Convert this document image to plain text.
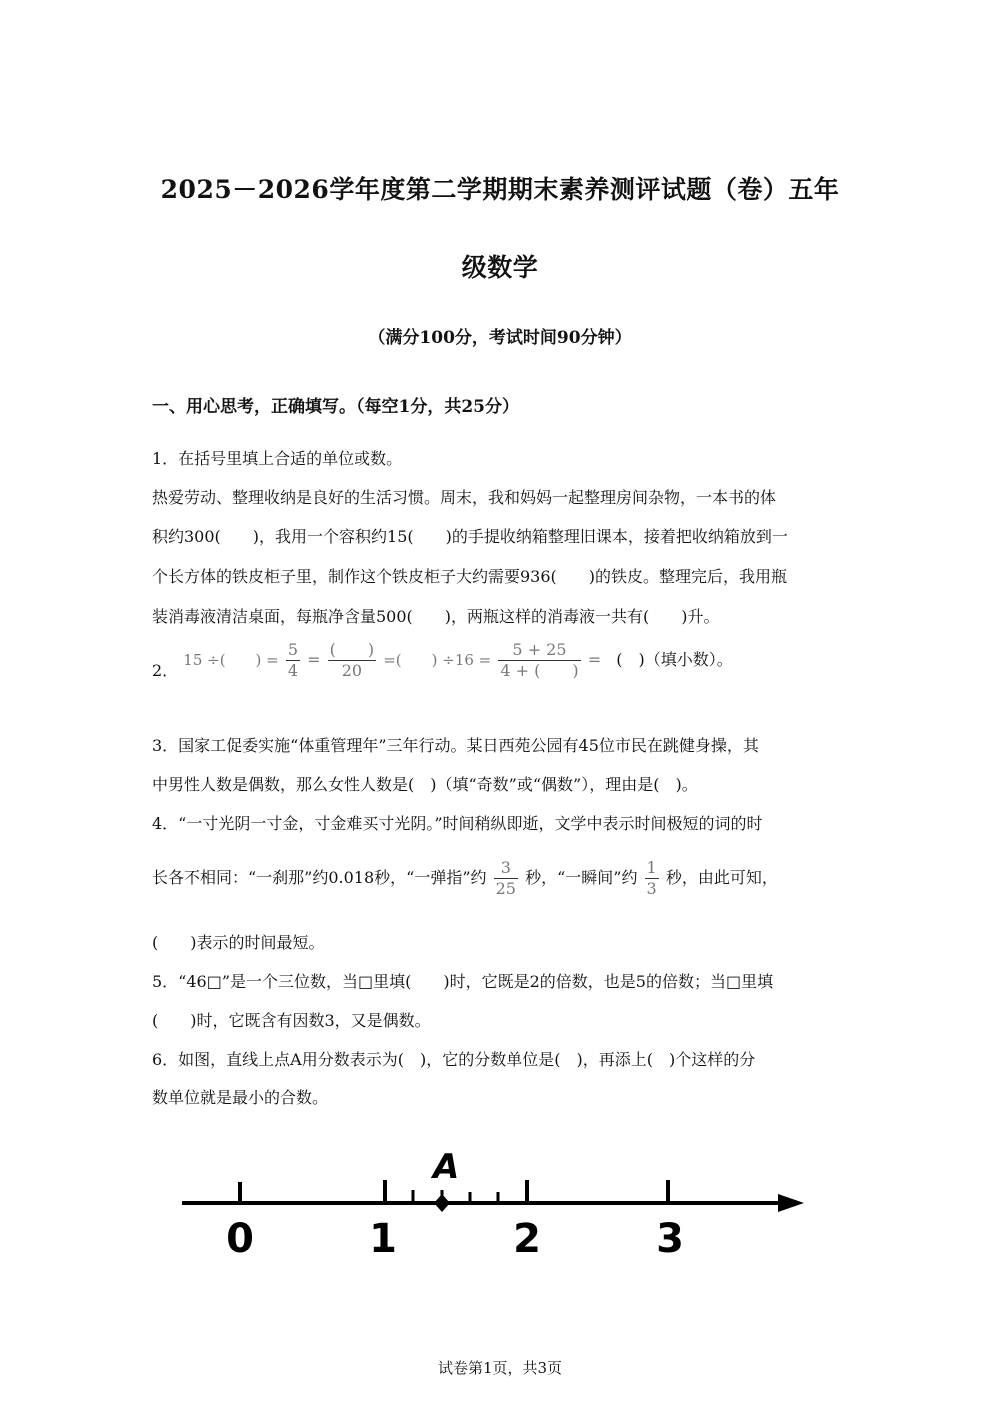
2025－2026学年度第二学期期末素养测评试题（卷）五年
级数学
（满分100分，考试时间90分钟）
一、用心思考，正确填写。（每空1分，共25分）
1．在括号里填上合适的单位或数。
热爱劳动、整理收纳是良好的生活习惯。周末，我和妈妈一起整理房间杂物，一本书的体
积约300(　　)，我用一个容积约15(　　)的手提收纳箱整理旧课本，接着把收纳箱放到一
个长方体的铁皮柜子里，制作这个铁皮柜子大约需要936(　　)的铁皮。整理完后，我用瓶
装消毒液清洁桌面，每瓶净含量500(　　)，两瓶这样的消毒液一共有(　　)升。
2． 15 ÷(　　) = $\frac{5}{4} = \frac{( )}{20}$ =(　　) $\div 16 = \frac{5 + 25}{4 + ( )}$ = (　)（填小数）。
3．国家工促委实施“体重管理年”三年行动。某日西苑公园有45位市民在跳健身操，其
中男性人数是偶数，那么女性人数是(　)（填“奇数”或“偶数”），理由是(　)。
4．“一寸光阴一寸金，寸金难买寸光阴。”时间稍纵即逝，文学中表示时间极短的词的时
长各不相同：“一刹那”约0.018秒，“一弹指”约 $\frac{3}{25}$ 秒，“一瞬间”约 $\frac{1}{3}$ 秒，由此可知，
(　　)表示的时间最短。
5．“46□”是一个三位数，当□里填(　　)时，它既是2的倍数，也是5的倍数；当□里填
(　　)时，它既含有因数3，又是偶数。
6．如图，直线上点A用分数表示为(　)，它的分数单位是(　)，再添上(　)个这样的分
数单位就是最小的合数。
A
0	1	2	3
试卷第1页，共3页
